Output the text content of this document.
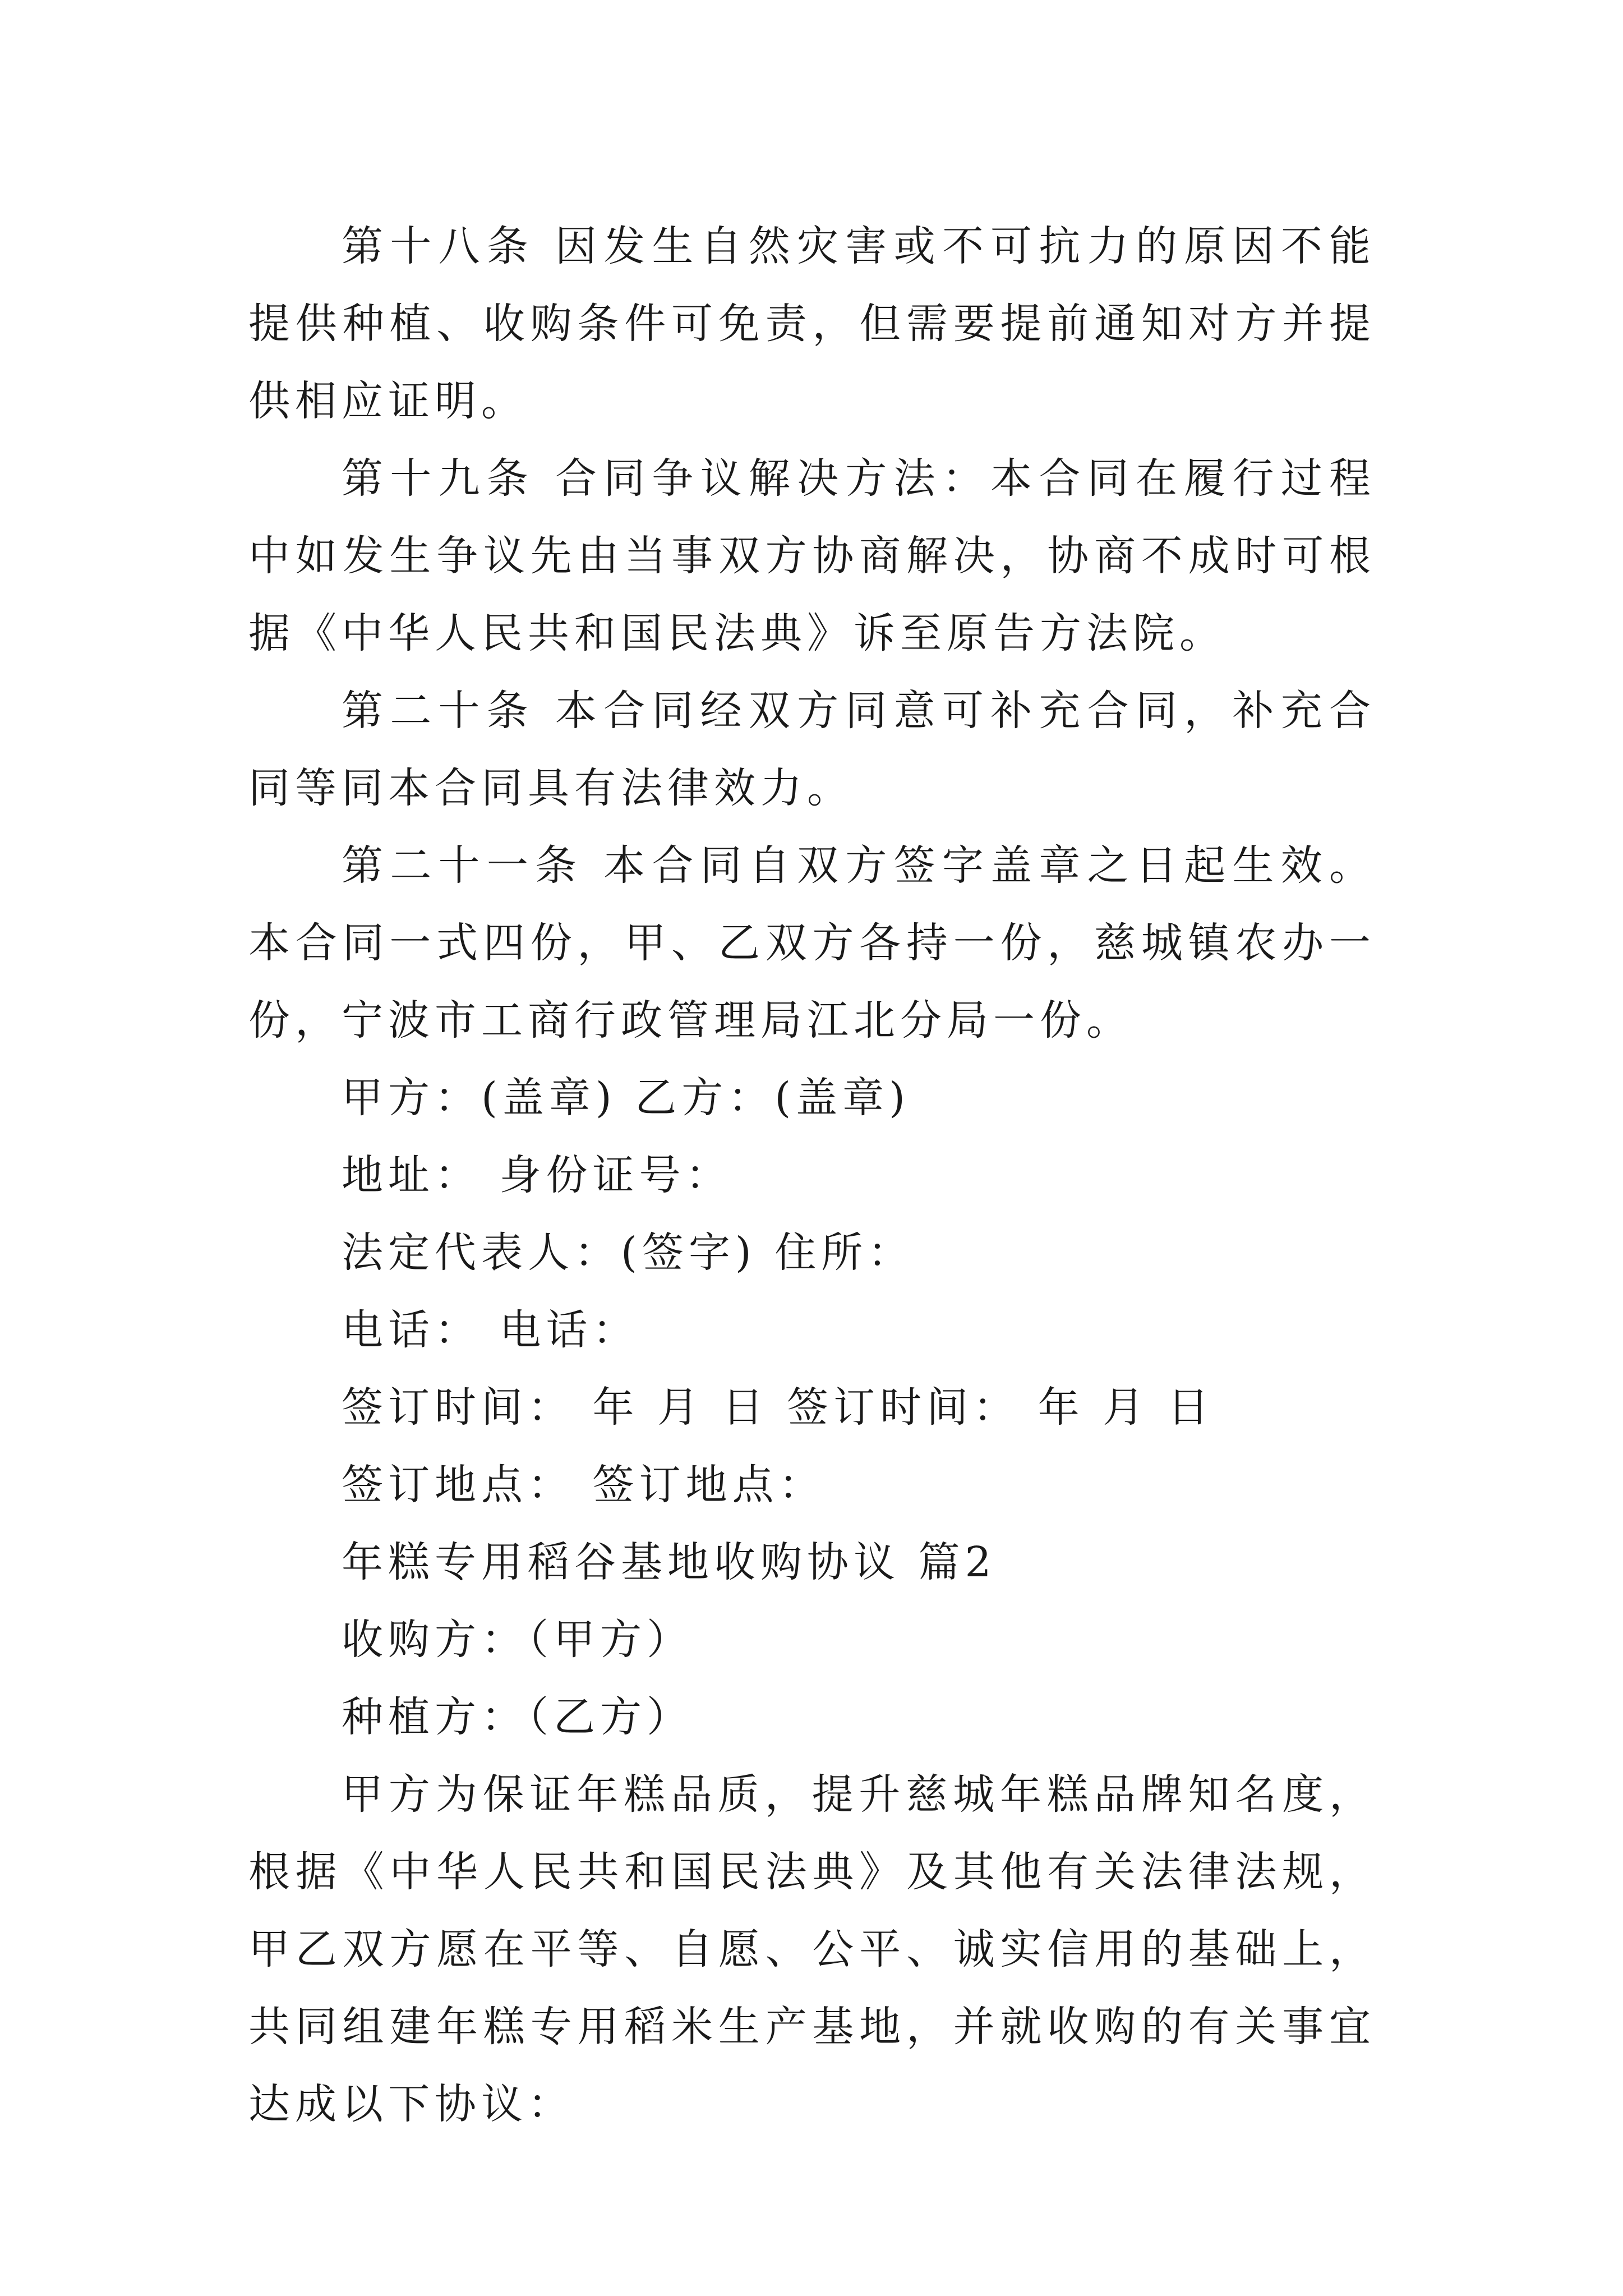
第十八条 因发生自然灾害或不可抗力的原因不能提供种植、收购条件可免责，但需要提前通知对方并提供相应证明。

第十九条 合同争议解决方法：本合同在履行过程中如发生争议先由当事双方协商解决，协商不成时可根据《中华人民共和国民法典》诉至原告方法院。

第二十条 本合同经双方同意可补充合同，补充合同等同本合同具有法律效力。

第二十一条 本合同自双方签字盖章之日起生效。本合同一式四份，甲、乙双方各持一份，慈城镇农办一份，宁波市工商行政管理局江北分局一份。

甲方：(盖章) 乙方：(盖章)

地址： 身份证号：

法定代表人：(签字) 住所：

电话： 电话：

签订时间： 年 月 日 签订时间： 年 月 日

签订地点： 签订地点：

年糕专用稻谷基地收购协议 篇2

收购方：（甲方）

种植方：（乙方）

甲方为保证年糕品质，提升慈城年糕品牌知名度，根据《中华人民共和国民法典》及其他有关法律法规，甲乙双方愿在平等、自愿、公平、诚实信用的基础上，共同组建年糕专用稻米生产基地，并就收购的有关事宜达成以下协议：
